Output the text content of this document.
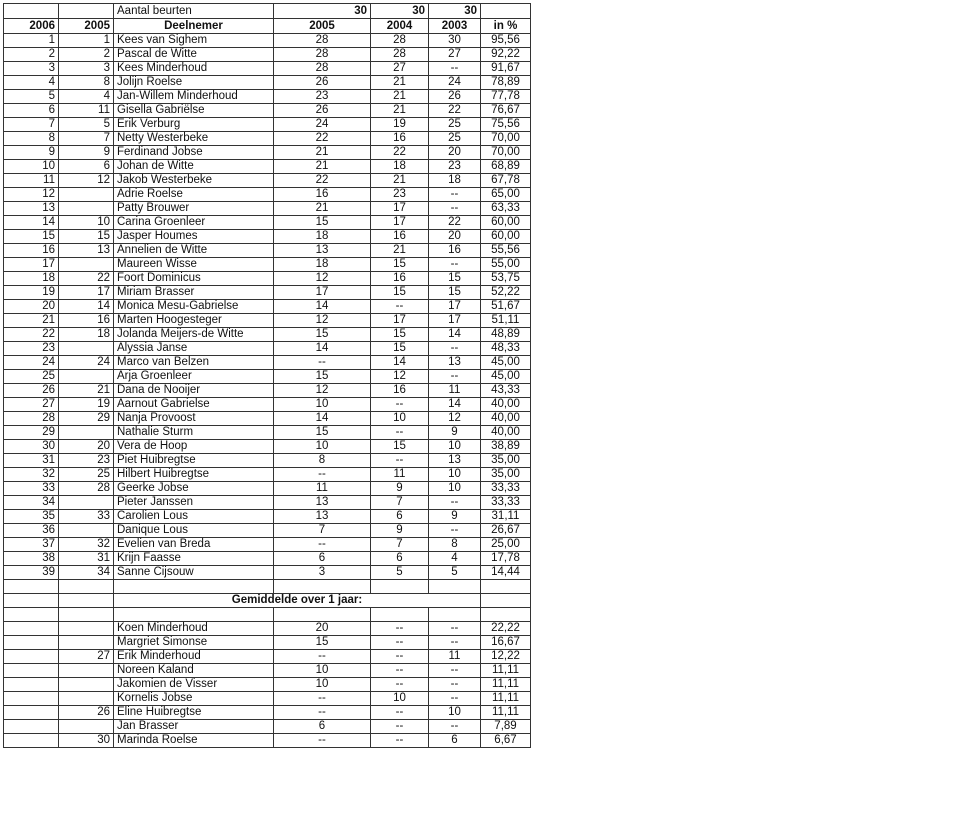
		Aantal beurten	30	30	30	
2006	2005	Deelnemer	2005	2004	2003	in %
1	1	Kees van Sighem	28	28	30	95,56
2	2	Pascal de Witte	28	28	27	92,22
3	3	Kees Minderhoud	28	27	--	91,67
4	8	Jolijn Roelse	26	21	24	78,89
5	4	Jan-Willem Minderhoud	23	21	26	77,78
6	11	Gisella Gabriëlse	26	21	22	76,67
7	5	Erik Verburg	24	19	25	75,56
8	7	Netty Westerbeke	22	16	25	70,00
9	9	Ferdinand Jobse	21	22	20	70,00
10	6	Johan de Witte	21	18	23	68,89
11	12	Jakob Westerbeke	22	21	18	67,78
12		Adrie Roelse	16	23	--	65,00
13		Patty Brouwer	21	17	--	63,33
14	10	Carina Groenleer	15	17	22	60,00
15	15	Jasper Houmes	18	16	20	60,00
16	13	Annelien de Witte	13	21	16	55,56
17		Maureen Wisse	18	15	--	55,00
18	22	Foort Dominicus	12	16	15	53,75
19	17	Miriam Brasser	17	15	15	52,22
20	14	Monica Mesu-Gabrielse	14	--	17	51,67
21	16	Marten Hoogesteger	12	17	17	51,11
22	18	Jolanda Meijers-de Witte	15	15	14	48,89
23		Alyssia Janse	14	15	--	48,33
24	24	Marco van Belzen	--	14	13	45,00
25		Arja Groenleer	15	12	--	45,00
26	21	Dana de Nooijer	12	16	11	43,33
27	19	Aarnout Gabrielse	10	--	14	40,00
28	29	Nanja Provoost	14	10	12	40,00
29		Nathalie Sturm	15	--	9	40,00
30	20	Vera de Hoop	10	15	10	38,89
31	23	Piet Huibregtse	8	--	13	35,00
32	25	Hilbert Huibregtse	--	11	10	35,00
33	28	Geerke Jobse	11	9	10	33,33
34		Pieter Janssen	13	7	--	33,33
35	33	Carolien Lous	13	6	9	31,11
36		Danique Lous	7	9	--	26,67
37	32	Evelien van Breda	--	7	8	25,00
38	31	Krijn Faasse	6	6	4	17,78
39	34	Sanne Cijsouw	3	5	5	14,44

		Gemiddelde over 1 jaar:				

		Koen Minderhoud	20	--	--	22,22
		Margriet Simonse	15	--	--	16,67
	27	Erik Minderhoud	--	--	11	12,22
		Noreen Kaland	10	--	--	11,11
		Jakomien de Visser	10	--	--	11,11
		Kornelis Jobse	--	10	--	11,11
	26	Eline Huibregtse	--	--	10	11,11
		Jan Brasser	6	--	--	7,89
	30	Marinda Roelse	--	--	6	6,67
